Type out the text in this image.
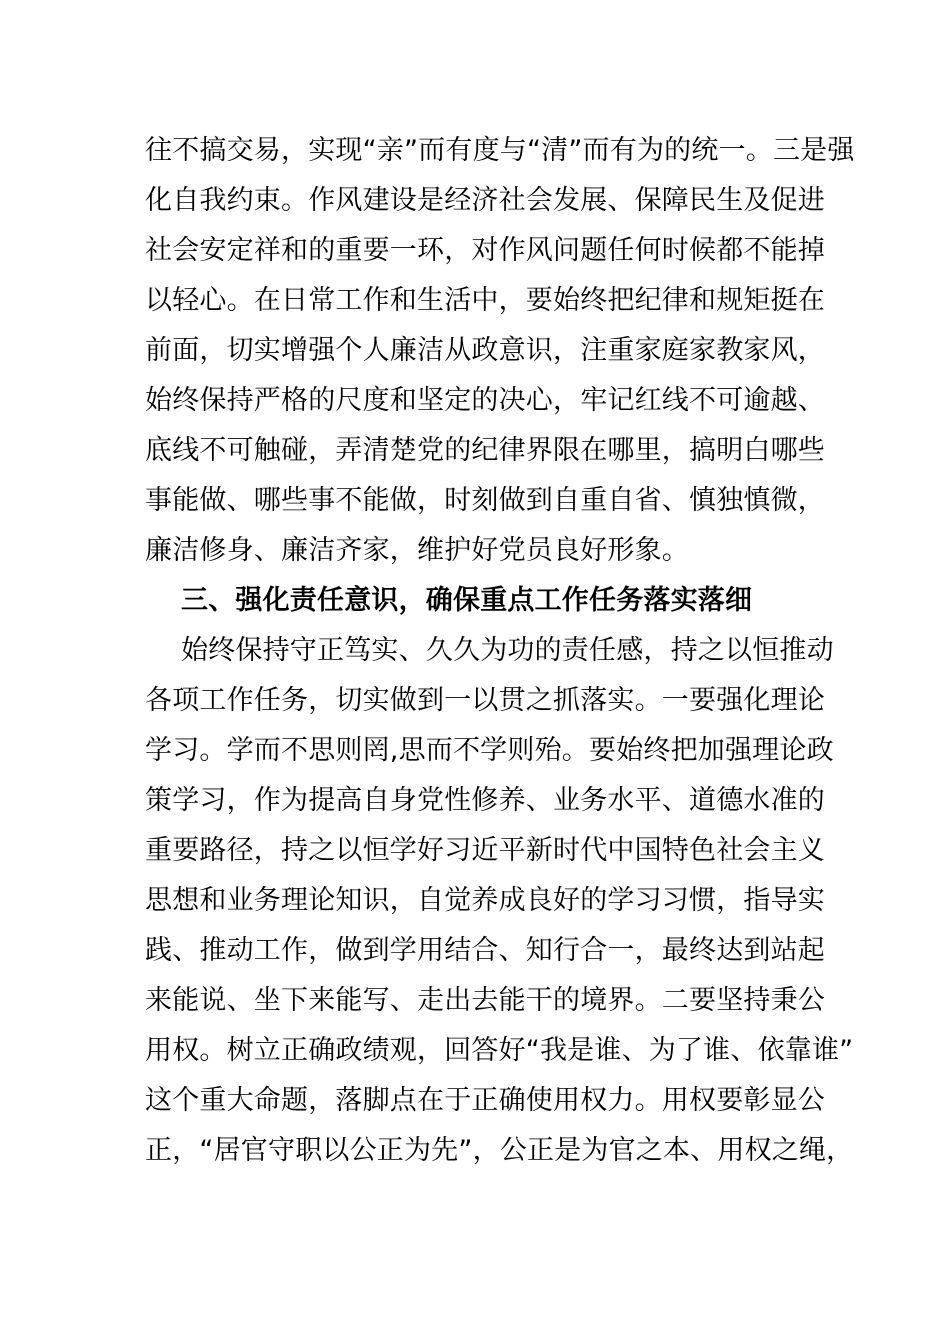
往不搞交易，实现“亲”而有度与“清”而有为的统一。三是强
化自我约束。作风建设是经济社会发展、保障民生及促进
社会安定祥和的重要一环，对作风问题任何时候都不能掉
以轻心。在日常工作和生活中，要始终把纪律和规矩挺在
前面，切实增强个人廉洁从政意识，注重家庭家教家风，
始终保持严格的尺度和坚定的决心，牢记红线不可逾越、
底线不可触碰，弄清楚党的纪律界限在哪里，搞明白哪些
事能做、哪些事不能做，时刻做到自重自省、慎独慎微，
廉洁修身、廉洁齐家，维护好党员良好形象。
三、强化责任意识，确保重点工作任务落实落细
始终保持守正笃实、久久为功的责任感，持之以恒推动
各项工作任务，切实做到一以贯之抓落实。一要强化理论
学习。学而不思则罔,思而不学则殆。要始终把加强理论政
策学习，作为提高自身党性修养、业务水平、道德水准的
重要路径，持之以恒学好习近平新时代中国特色社会主义
思想和业务理论知识，自觉养成良好的学习习惯，指导实
践、推动工作，做到学用结合、知行合一，最终达到站起
来能说、坐下来能写、走出去能干的境界。二要坚持秉公
用权。树立正确政绩观，回答好“我是谁、为了谁、依靠谁”
这个重大命题，落脚点在于正确使用权力。用权要彰显公
正，“居官守职以公正为先”，公正是为官之本、用权之绳，
